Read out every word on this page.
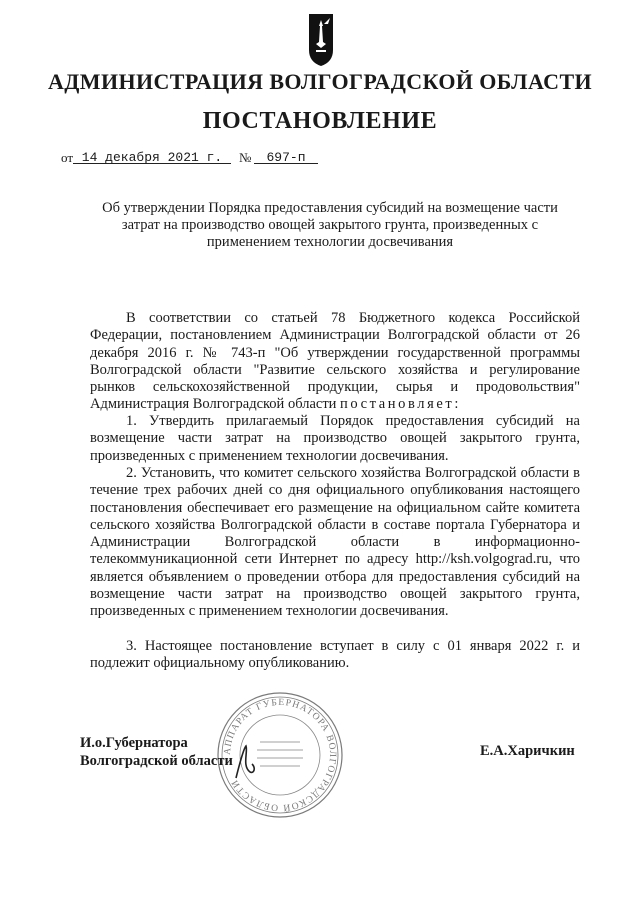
АДМИНИСТРАЦИЯ ВОЛГОГРАДСКОЙ ОБЛАСТИ
ПОСТАНОВЛЕНИЕ
от 14 декабря 2021 г.	№	697-п
Об утверждении Порядка предоставления субсидий на возмещение части затрат на производство овощей закрытого грунта, произведенных с применением технологии досвечивания
В соответствии со статьей 78 Бюджетного кодекса Российской Федерации, постановлением Администрации Волгоградской области от 26 декабря 2016 г. № 743-п "Об утверждении государственной программы Волгоградской области "Развитие сельского хозяйства и регулирование рынков сельскохозяйственной продукции, сырья и продовольствия" Администрация Волгоградской области постановляет:
1. Утвердить прилагаемый Порядок предоставления субсидий на возмещение части затрат на производство овощей закрытого грунта, произведенных с применением технологии досвечивания.
2. Установить, что комитет сельского хозяйства Волгоградской области в течение трех рабочих дней со дня официального опубликования настоящего постановления обеспечивает его размещение на официальном сайте комитета сельского хозяйства Волгоградской области в составе портала Губернатора и Администрации Волгоградской области в информационно-телекоммуникационной сети Интернет по адресу http://ksh.volgograd.ru, что является объявлением о проведении отбора для предоставления субсидий на возмещение части затрат на производство овощей закрытого грунта, произведенных с применением технологии досвечивания.
3. Настоящее постановление вступает в силу с 01 января 2022 г. и подлежит официальному опубликованию.
АППАРАТ ГУБЕРНАТОРА ВОЛГОГРАДСКОЙ ОБЛАСТИ
И.о.Губернатора
Волгоградской области
Е.А.Харичкин
